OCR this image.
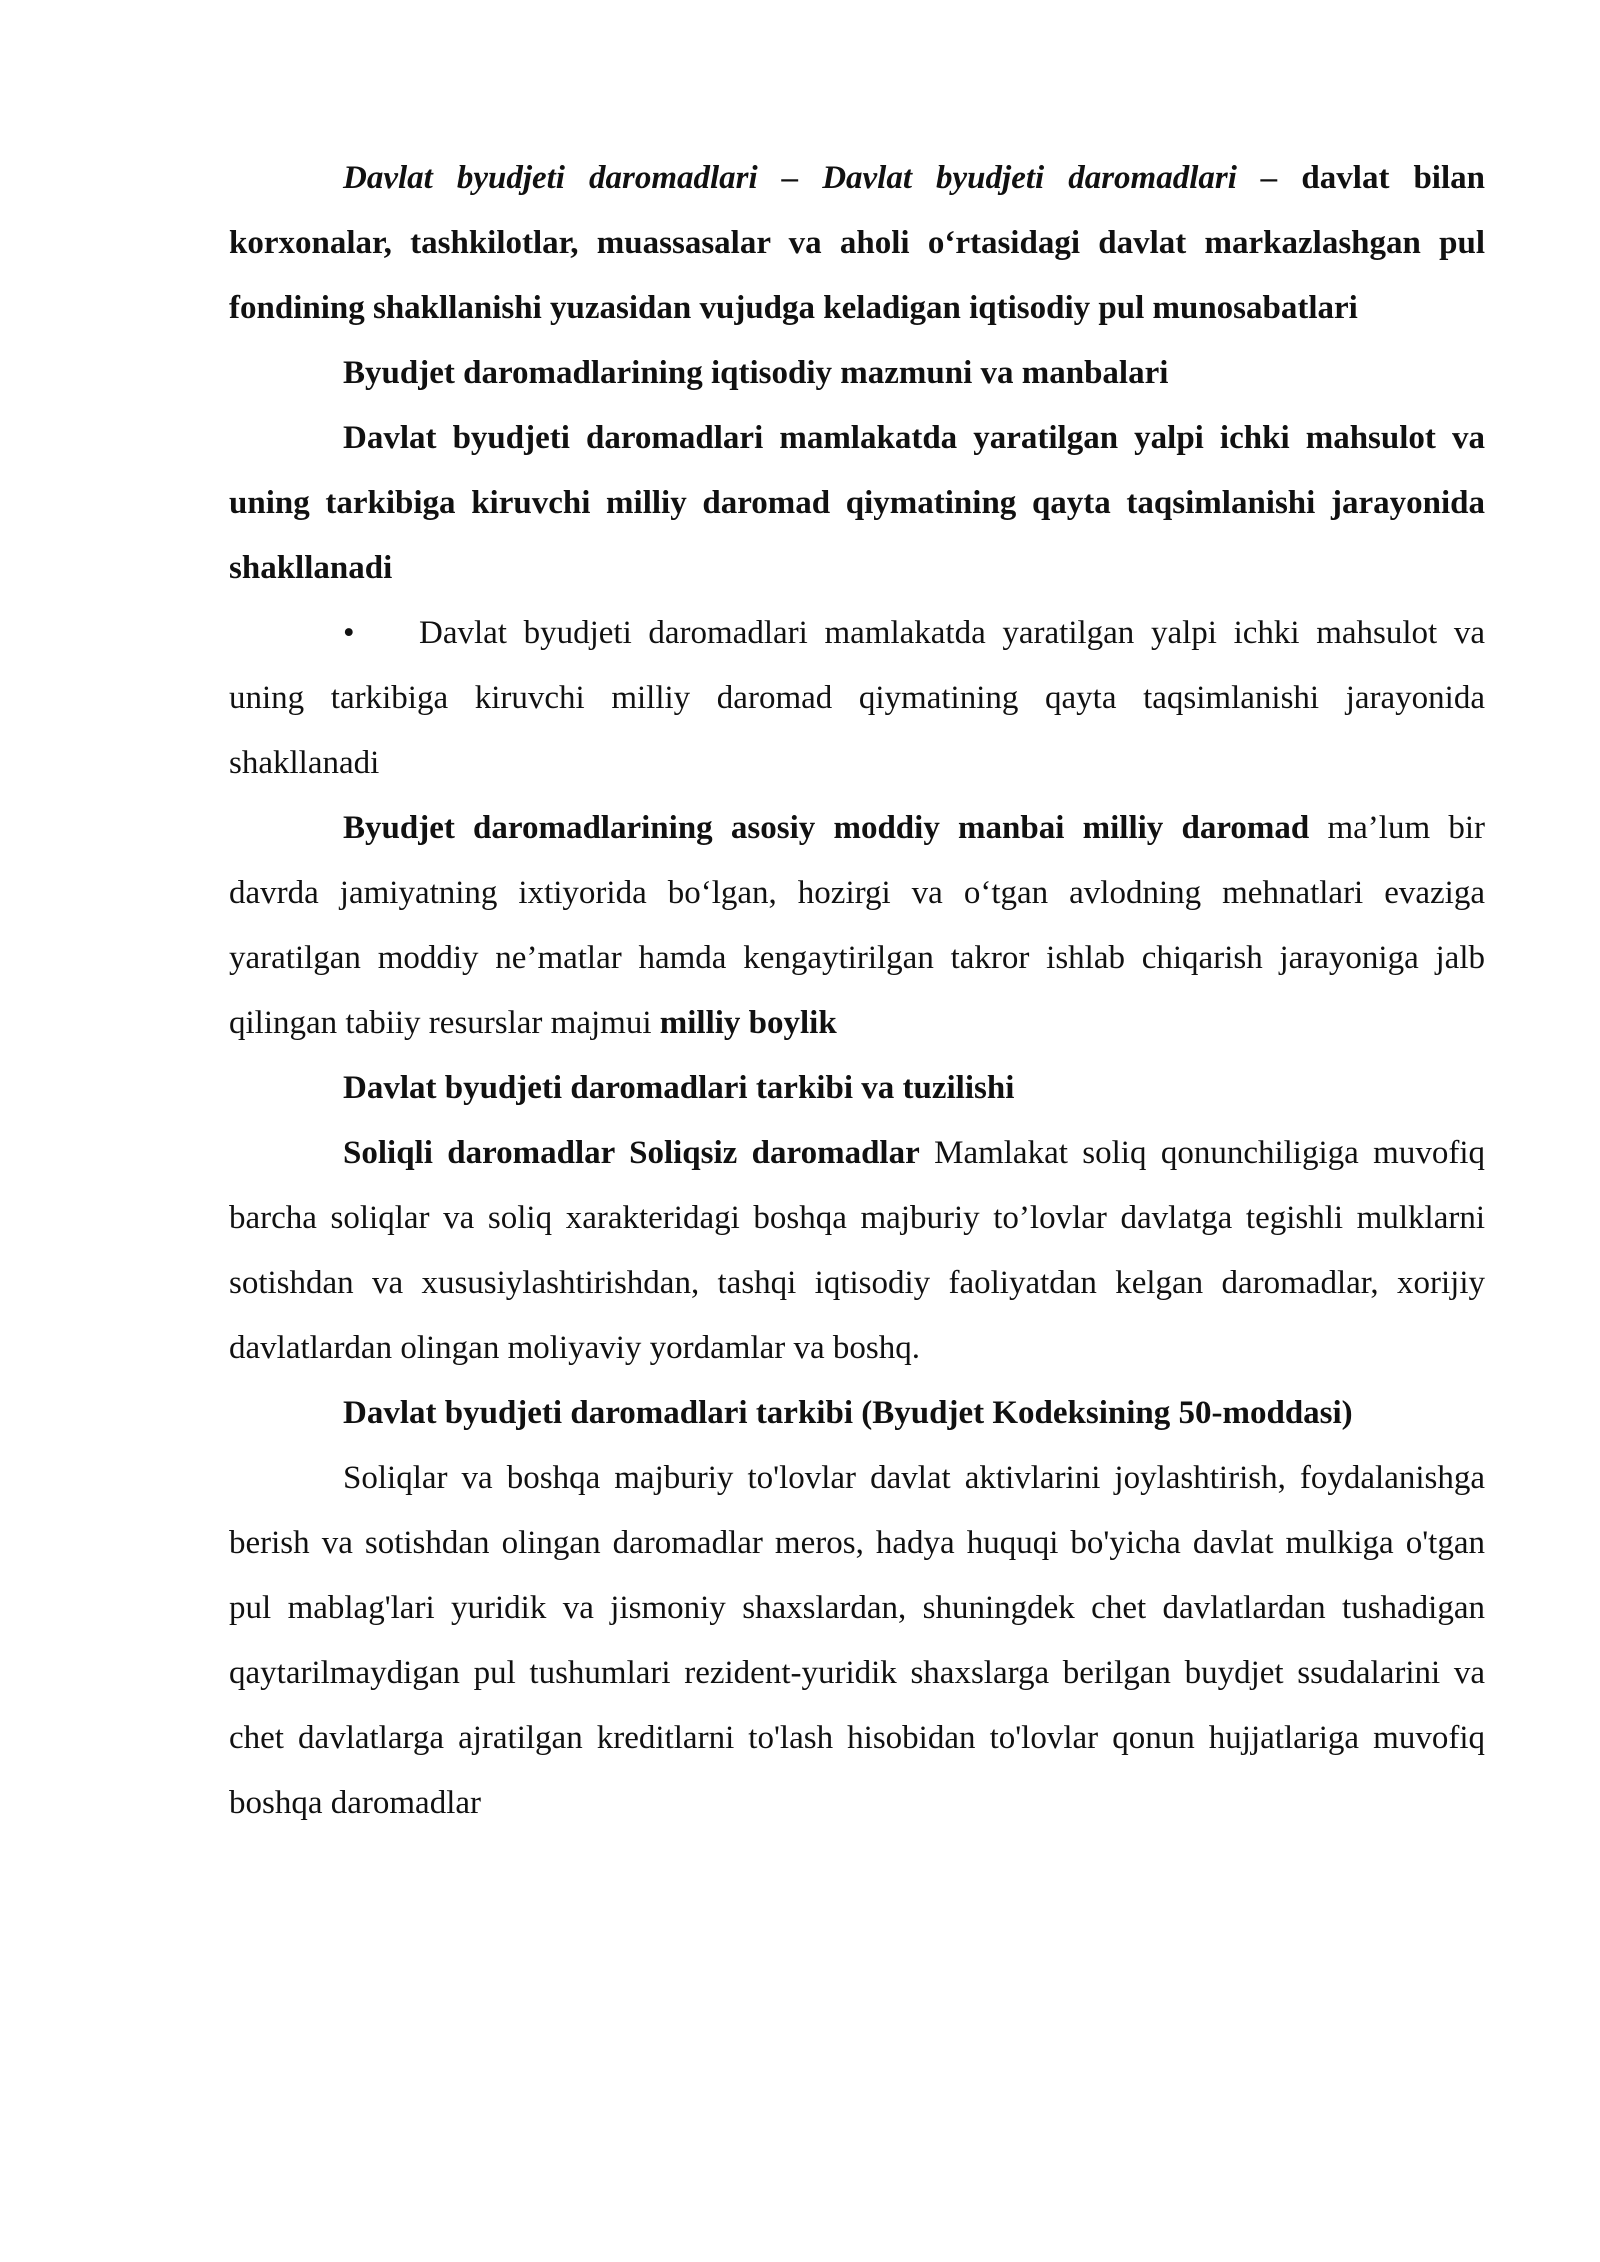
Davlat byudjeti daromadlari – Davlat byudjeti daromadlari – davlat bilan korxonalar, tashkilotlar, muassasalar va aholi o‘rtasidagi davlat markazlashgan pul fondining shakllanishi yuzasidan vujudga keladigan iqtisodiy pul munosabatlari

Byudjet daromadlarining iqtisodiy mazmuni va manbalari

Davlat byudjeti daromadlari mamlakatda yaratilgan yalpi ichki mahsulot va uning tarkibiga kiruvchi milliy daromad qiymatining qayta taqsimlanishi jarayonida shakllanadi

• Davlat byudjeti daromadlari mamlakatda yaratilgan yalpi ichki mahsulot va uning tarkibiga kiruvchi milliy daromad qiymatining qayta taqsimlanishi jarayonida shakllanadi

Byudjet daromadlarining asosiy moddiy manbai milliy daromad ma’lum bir davrda jamiyatning ixtiyorida bo‘lgan, hozirgi va o‘tgan avlodning mehnatlari evaziga yaratilgan moddiy ne’matlar hamda kengaytirilgan takror ishlab chiqarish jarayoniga jalb qilingan tabiiy resurslar majmui milliy boylik

Davlat byudjeti daromadlari tarkibi va tuzilishi

Soliqli daromadlar Soliqsiz daromadlar Mamlakat soliq qonunchiligiga muvofiq barcha soliqlar va soliq xarakteridagi boshqa majburiy to’lovlar davlatga tegishli mulklarni sotishdan va xususiylashtirishdan, tashqi iqtisodiy faoliyatdan kelgan daromadlar, xorijiy davlatlardan olingan moliyaviy yordamlar va boshq.

Davlat byudjeti daromadlari tarkibi (Byudjet Kodeksining 50-moddasi)

Soliqlar va boshqa majburiy to'lovlar davlat aktivlarini joylashtirish, foydalanishga berish va sotishdan olingan daromadlar meros, hadya huquqi bo'yicha davlat mulkiga o'tgan pul mablag'lari yuridik va jismoniy shaxslardan, shuningdek chet davlatlardan tushadigan qaytarilmaydigan pul tushumlari rezident-yuridik shaxslarga berilgan buydjet ssudalarini va chet davlatlarga ajratilgan kreditlarni to'lash hisobidan to'lovlar qonun hujjatlariga muvofiq boshqa daromadlar
